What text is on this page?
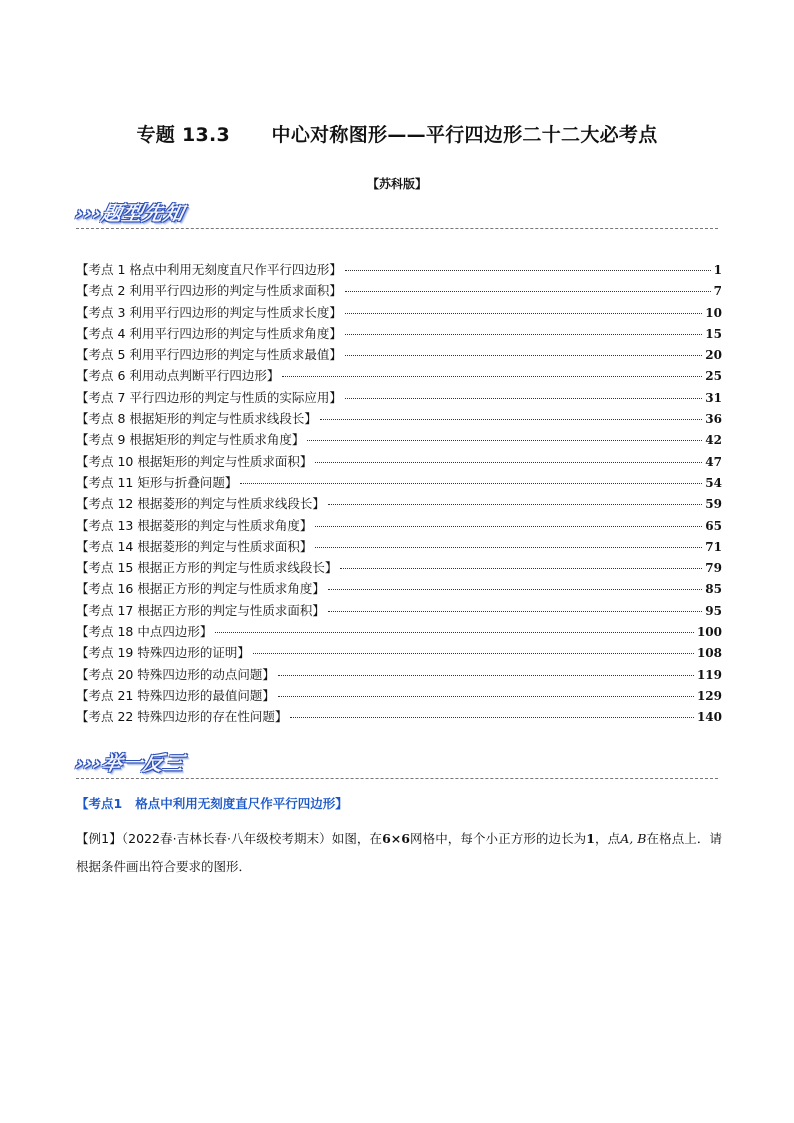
专题 13.3      中心对称图形——平行四边形二十二大必考点
【苏科版】
›››题型先知
【考点 1 格点中利用无刻度直尺作平行四边形】	1
【考点 2 利用平行四边形的判定与性质求面积】	7
【考点 3 利用平行四边形的判定与性质求长度】	10
【考点 4 利用平行四边形的判定与性质求角度】	15
【考点 5 利用平行四边形的判定与性质求最值】	20
【考点 6 利用动点判断平行四边形】	25
【考点 7 平行四边形的判定与性质的实际应用】	31
【考点 8 根据矩形的判定与性质求线段长】	36
【考点 9 根据矩形的判定与性质求角度】	42
【考点 10 根据矩形的判定与性质求面积】	47
【考点 11 矩形与折叠问题】	54
【考点 12 根据菱形的判定与性质求线段长】	59
【考点 13 根据菱形的判定与性质求角度】	65
【考点 14 根据菱形的判定与性质求面积】	71
【考点 15 根据正方形的判定与性质求线段长】	79
【考点 16 根据正方形的判定与性质求角度】	85
【考点 17 根据正方形的判定与性质求面积】	95
【考点 18 中点四边形】	100
【考点 19 特殊四边形的证明】	108
【考点 20 特殊四边形的动点问题】	119
【考点 21 特殊四边形的最值问题】	129
【考点 22 特殊四边形的存在性问题】	140
›››举一反三
【考点1   格点中利用无刻度直尺作平行四边形】
【例1】（2022春·吉林长春·八年级校考期末）如图，在6×6网格中，每个小正方形的边长为1，点A, B在格点上．请根据条件画出符合要求的图形．
